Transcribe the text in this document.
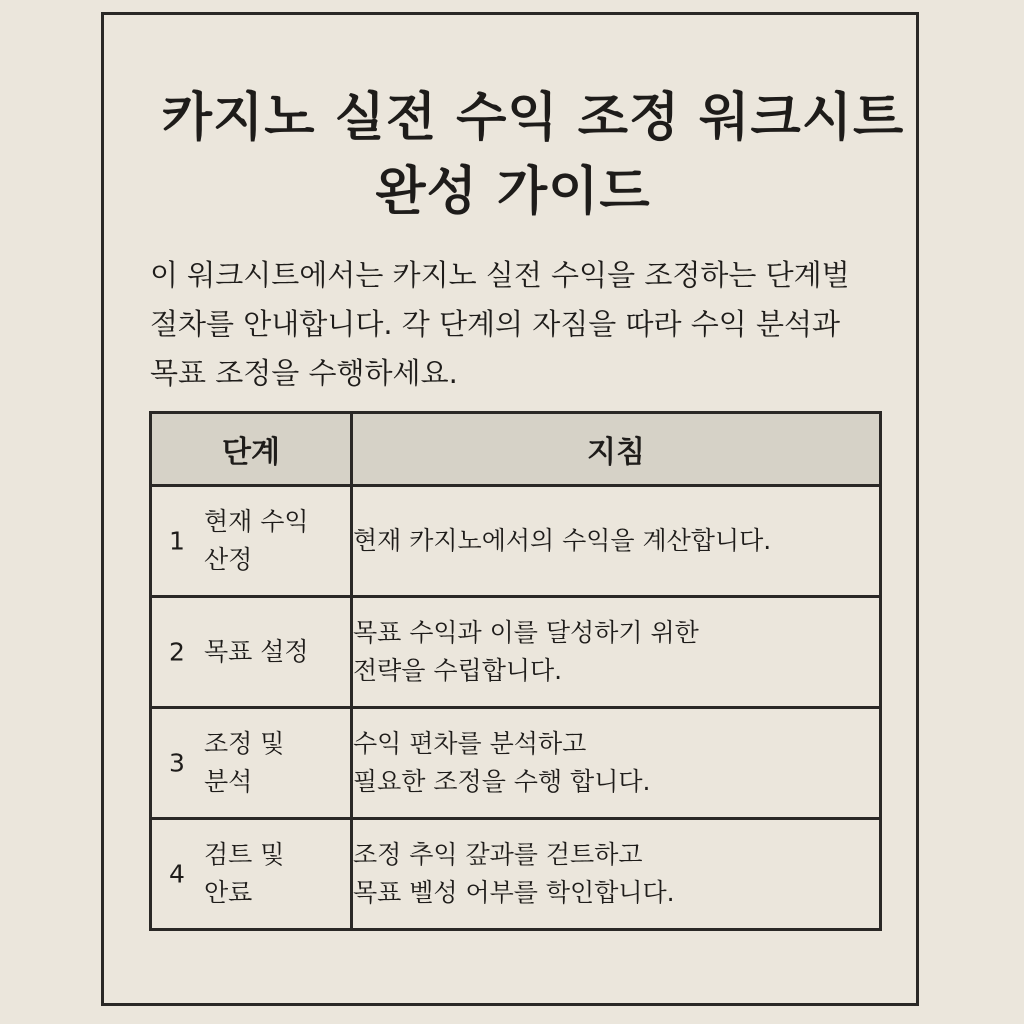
카지노 실전 수익 조정 워크시트
완성 가이드

이 워크시트에서는 카지노 실전 수익을 조정하는 단계벌
절차를 안내합니다. 각 단계의 자짐을 따라 수익 분석과
목표 조정을 수행하세요.

단계	지침

1
현재 수익
산정	현재 카지노에서의 수익을 계산합니다.

2 목표 설정	목표 수익과 이를 달성하기 위한
전략을 수립합니다.

3
조정 및
분석	수익 편차를 분석하고
필요한 조정을 수행 합니다.

4
검트 및
안료	조정 추익 갚과를 걷트하고
목표 벨성 어부를 학인합니다.
